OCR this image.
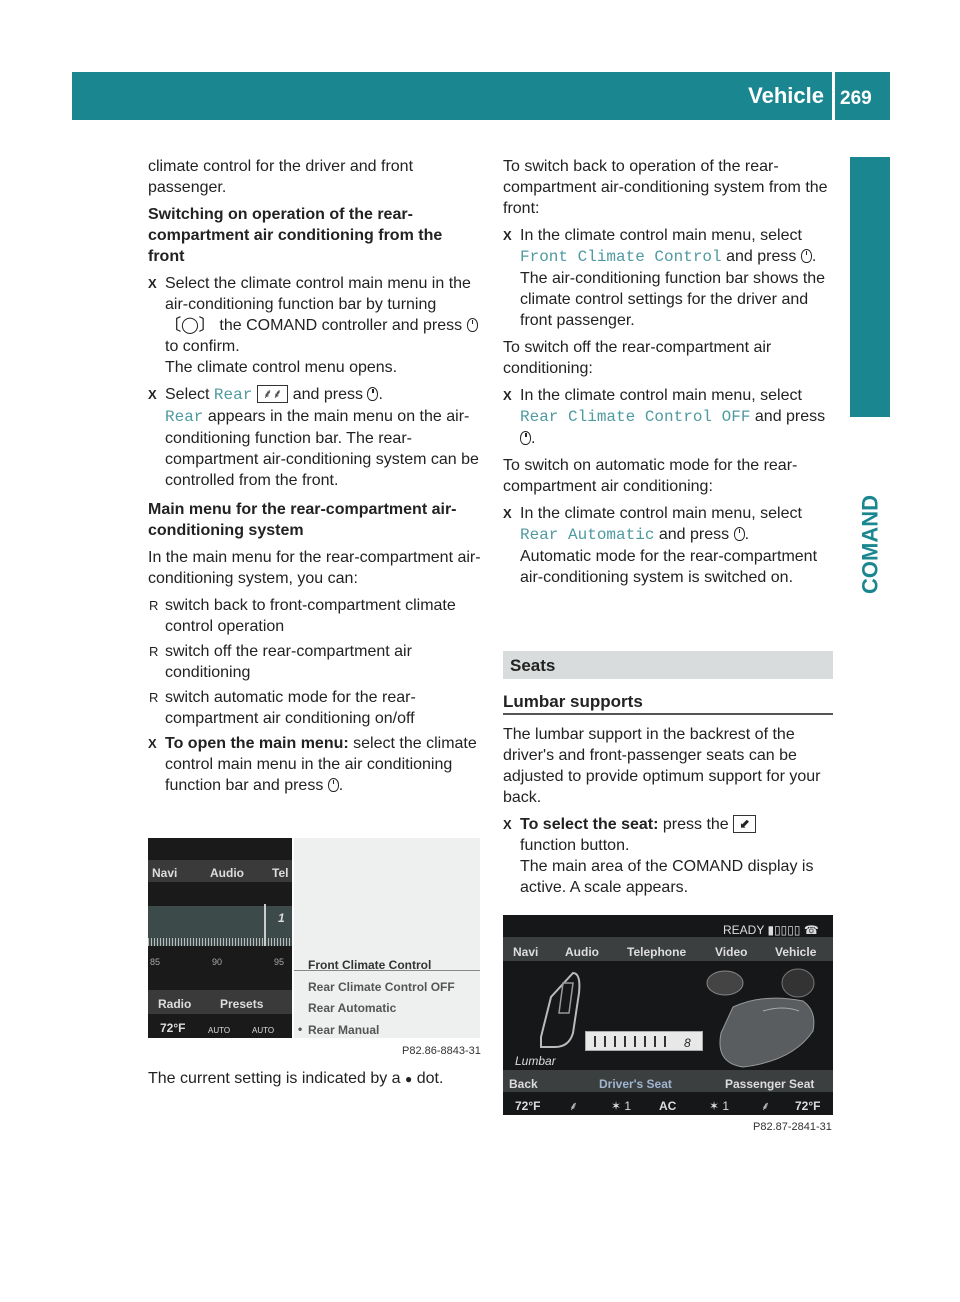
Vehicle 269
COMAND

climate control for the driver and front passenger.

Switching on operation of the rear-compartment air conditioning from the front

X Select the climate control main menu in the air-conditioning function bar by turning 〔◯〕 the COMAND controller and press  to confirm.
The climate control menu opens.
X Select Rear ⸙⸙ and press .
Rear appears in the main menu on the air-conditioning function bar. The rear-compartment air-conditioning system can be controlled from the front.

Main menu for the rear-compartment air-conditioning system

In the main menu for the rear-compartment air-conditioning system, you can:

R switch back to front-compartment climate control operation
R switch off the rear-compartment air conditioning
R switch automatic mode for the rear-compartment air conditioning on/off
X To open the main menu: select the climate control main menu in the air conditioning function bar and press .
Navi	Audio Tel
1
85	90	95
Radio Presets
72°F	AUTO	AUTO
Front Climate Control
Rear Climate Control OFF
Rear Automatic
• Rear Manual
P82.86-8843-31
The current setting is indicated by a ● dot.

To switch back to operation of the rear-compartment air-conditioning system from the front:

X In the climate control main menu, select Front Climate Control and press .
The air-conditioning function bar shows the climate control settings for the driver and front passenger.

To switch off the rear-compartment air conditioning:

X In the climate control main menu, select Rear Climate Control OFF and press
.

To switch on automatic mode for the rear-compartment air conditioning:

X In the climate control main menu, select Rear Automatic and press .
Automatic mode for the rear-compartment air-conditioning system is switched on.
Seats
Lumbar supports

The lumbar support in the backrest of the driver's and front-passenger seats can be adjusted to provide optimum support for your back.

X To select the seat: press the ⬋
function button.
The main area of the COMAND display is active. A scale appears.
READY ▮▯▯▯▯ ☎
Navi Audio Telephone Video Vehicle
8
Lumbar
Back	Driver's Seat	Passenger Seat
72°F ⸙	✶ 1 AC	✶ 1	⸙ 72°F
P82.87-2841-31
